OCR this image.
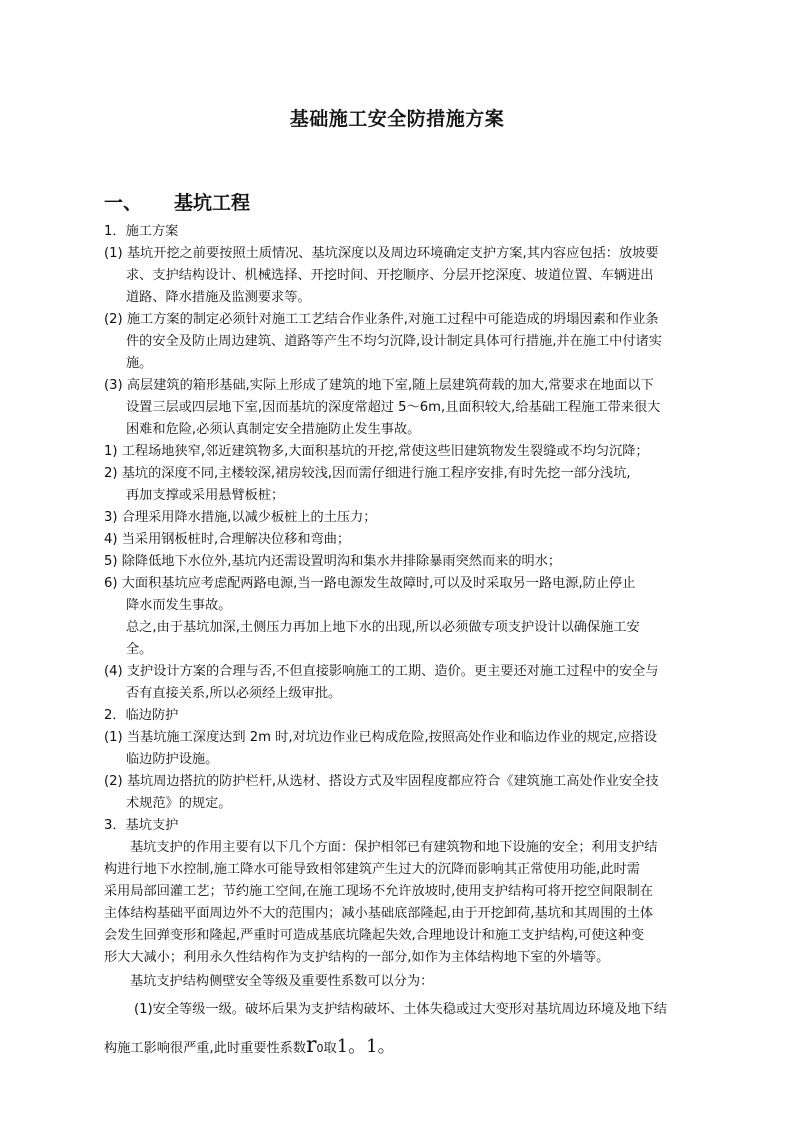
基础施工安全防措施方案
一、 基坑工程
1．施工方案
(1) 基坑开挖之前要按照土质情况、基坑深度以及周边环境确定支护方案,其内容应包括：放坡要
求、支护结构设计、机械选择、开挖时间、开挖顺序、分层开挖深度、坡道位置、车辆进出
道路、降水措施及监测要求等。
(2) 施工方案的制定必须针对施工工艺结合作业条件,对施工过程中可能造成的坍塌因素和作业条
件的安全及防止周边建筑、道路等产生不均匀沉降,设计制定具体可行措施,并在施工中付诸实
施。
(3) 高层建筑的箱形基础,实际上形成了建筑的地下室,随上层建筑荷载的加大,常要求在地面以下
设置三层或四层地下室,因而基坑的深度常超过 5～6m,且面积较大,给基础工程施工带来很大
困难和危险,必须认真制定安全措施防止发生事故。
1) 工程场地狭窄,邻近建筑物多,大面积基坑的开挖,常使这些旧建筑物发生裂缝或不均匀沉降；
2) 基坑的深度不同,主楼较深,裙房较浅,因而需仔细进行施工程序安排,有时先挖一部分浅坑,
再加支撑或采用悬臂板桩；
3) 合理采用降水措施,以减少板桩上的土压力；
4) 当采用钢板桩时,合理解决位移和弯曲；
5) 除降低地下水位外,基坑内还需设置明沟和集水井排除暴雨突然而来的明水；
6) 大面积基坑应考虑配两路电源,当一路电源发生故障时,可以及时采取另一路电源,防止停止
降水而发生事故。
总之,由于基坑加深,土侧压力再加上地下水的出现,所以必须做专项支护设计以确保施工安
全。
(4) 支护设计方案的合理与否,不但直接影响施工的工期、造价。更主要还对施工过程中的安全与
否有直接关系,所以必须经上级审批。
2．临边防护
(1) 当基坑施工深度达到 2m 时,对坑边作业已构成危险,按照高处作业和临边作业的规定,应搭设
临边防护设施。
(2) 基坑周边搭抗的防护栏杆,从选材、搭设方式及牢固程度都应符合《建筑施工高处作业安全技
术规范》的规定。
3．基坑支护
基坑支护的作用主要有以下几个方面：保护相邻已有建筑物和地下设施的安全；利用支护结
构进行地下水控制,施工降水可能导致相邻建筑产生过大的沉降而影响其正常使用功能,此时需
采用局部回灌工艺；节约施工空间,在施工现场不允许放坡时,使用支护结构可将开挖空间限制在
主体结构基础平面周边外不大的范围内；减小基础底部隆起,由于开挖卸荷,基坑和其周围的土体
会发生回弹变形和隆起,严重时可造成基底坑隆起失效,合理地设计和施工支护结构,可使这种变
形大大减小；利用永久性结构作为支护结构的一部分,如作为主体结构地下室的外墙等。
基坑支护结构侧壁安全等级及重要性系数可以分为：
(1)安全等级一级。破坏后果为支护结构破坏、土体失稳或过大变形对基坑周边环境及地下结
构施工影响很严重,此时重要性系数r0取1。1。
